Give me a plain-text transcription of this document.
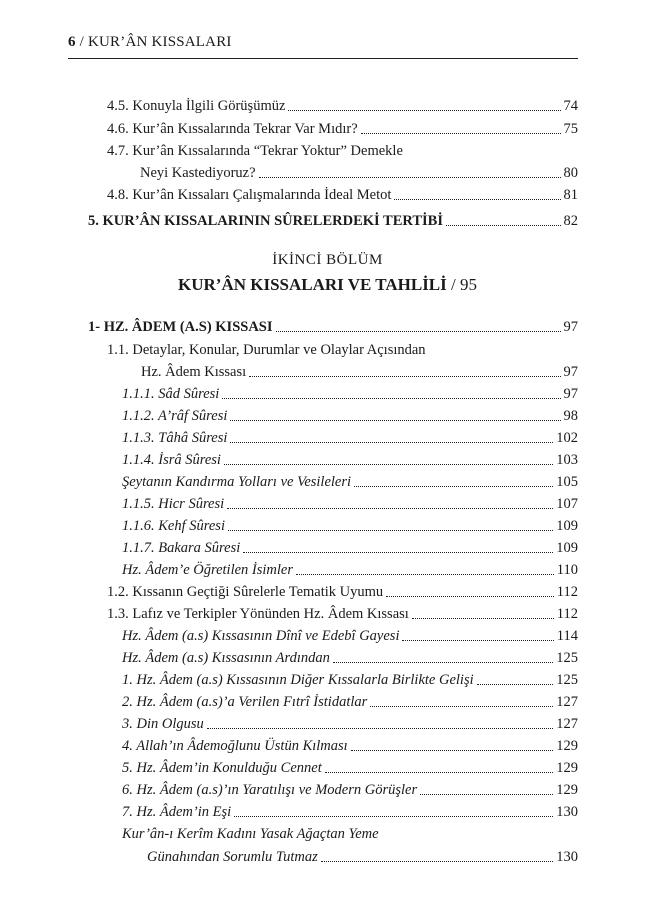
6 / KUR’ÂN KISSALARI
4.5. Konuyla İlgili Görüşümüz	74
4.6. Kur’ân Kıssalarında Tekrar Var Mıdır?	75
4.7. Kur’ân Kıssalarında “Tekrar Yoktur” Demekle
Neyi Kastediyoruz?	80
4.8. Kur’ân Kıssaları Çalışmalarında İdeal Metot	81
5. KUR’ÂN KISSALARININ SÛRELERDEKİ TERTİBİ	82
İKİNCİ BÖLÜM
KUR’ÂN KISSALARI VE TAHLİLİ / 95
1- HZ. ÂDEM (A.S) KISSASI	97
1.1. Detaylar, Konular, Durumlar ve Olaylar Açısından
Hz. Âdem Kıssası	97
1.1.1. Sâd Sûresi	97
1.1.2. A’râf Sûresi	98
1.1.3. Tâhâ Sûresi	102
1.1.4. İsrâ Sûresi	103
Şeytanın Kandırma Yolları ve Vesileleri	105
1.1.5. Hicr Sûresi	107
1.1.6. Kehf Sûresi	109
1.1.7. Bakara Sûresi	109
Hz. Âdem’e Öğretilen İsimler	110
1.2. Kıssanın Geçtiği Sûrelerle Tematik Uyumu	112
1.3. Lafız ve Terkipler Yönünden Hz. Âdem Kıssası	112
Hz. Âdem (a.s) Kıssasının Dînî ve Edebî Gayesi	114
Hz. Âdem (a.s) Kıssasının Ardından	125
1. Hz. Âdem (a.s) Kıssasının Diğer Kıssalarla Birlikte Gelişi	125
2. Hz. Âdem (a.s)’a Verilen Fıtrî İstidatlar	127
3. Din Olgusu	127
4. Allah’ın Âdemoğlunu Üstün Kılması	129
5. Hz. Âdem’in Konulduğu Cennet	129
6. Hz. Âdem (a.s)’ın Yaratılışı ve Modern Görüşler	129
7. Hz. Âdem’in Eşi	130
Kur’ân-ı Kerîm Kadını Yasak Ağaçtan Yeme
Günahından Sorumlu Tutmaz	130
